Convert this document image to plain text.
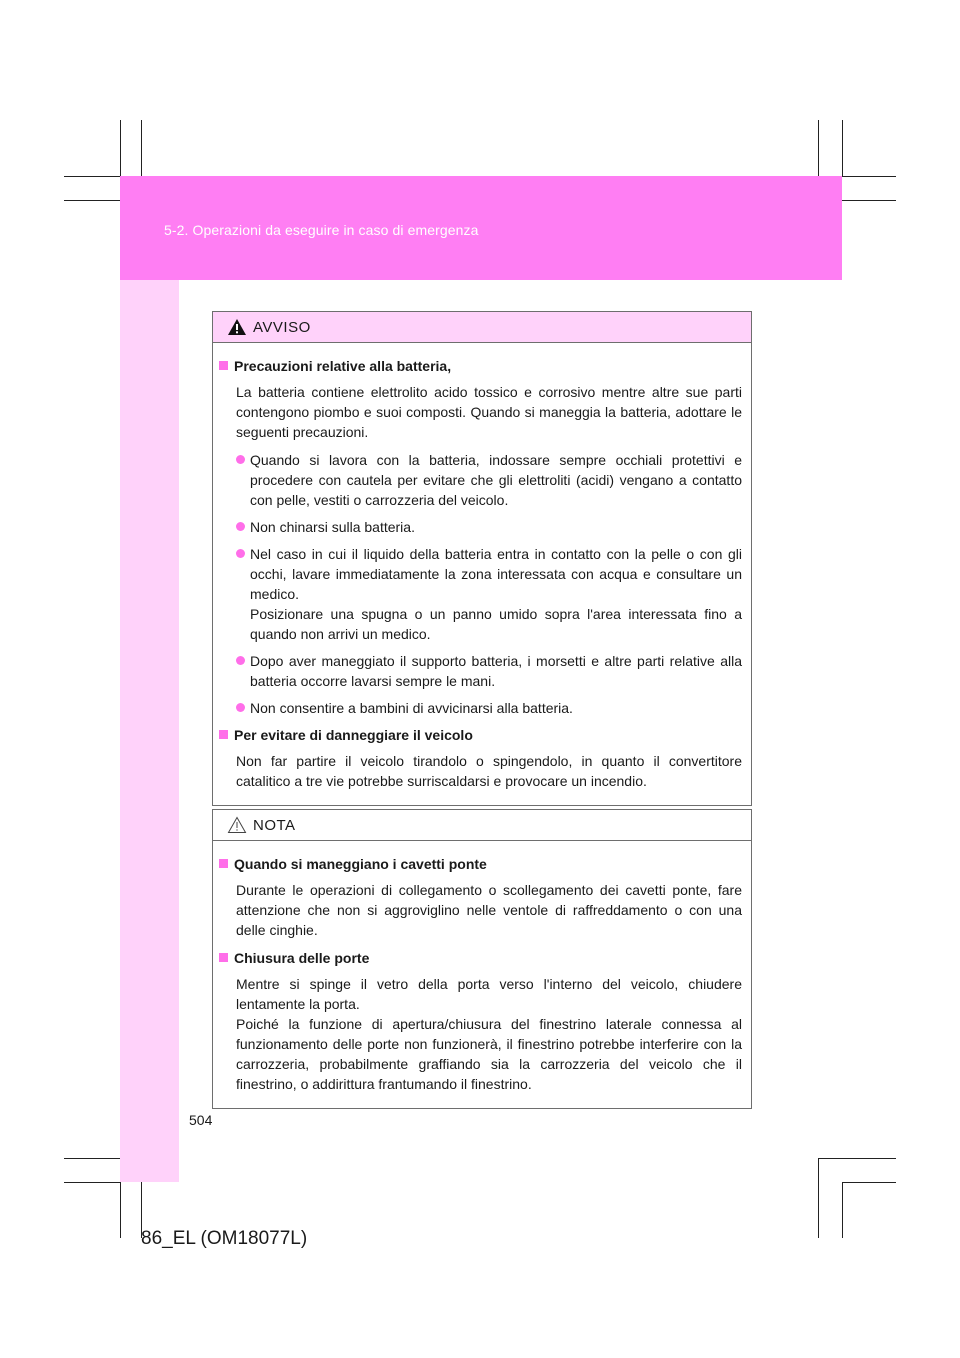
5-2. Operazioni da eseguire in caso di emergenza
AVVISO
Precauzioni relative alla batteria,
La batteria contiene elettrolito acido tossico e corrosivo mentre altre sue parti contengono piombo e suoi composti. Quando si maneggia la batteria, adottare le seguenti precauzioni.
Quando si lavora con la batteria, indossare sempre occhiali protettivi e procedere con cautela per evitare che gli elettroliti (acidi) vengano a contatto con pelle, vestiti o carrozzeria del veicolo.
Non chinarsi sulla batteria.
Nel caso in cui il liquido della batteria entra in contatto con la pelle o con gli occhi, lavare immediatamente la zona interessata con acqua e consultare un medico.
Posizionare una spugna o un panno umido sopra l'area interessata fino a quando non arrivi un medico.
Dopo aver maneggiato il supporto batteria, i morsetti e altre parti relative alla batteria occorre lavarsi sempre le mani.
Non consentire a bambini di avvicinarsi alla batteria.
Per evitare di danneggiare il veicolo
Non far partire il veicolo tirandolo o spingendolo, in quanto il convertitore catalitico a tre vie potrebbe surriscaldarsi e provocare un incendio.
NOTA
Quando si maneggiano i cavetti ponte
Durante le operazioni di collegamento o scollegamento dei cavetti ponte, fare attenzione che non si aggroviglino nelle ventole di raffreddamento o con una delle cinghie.
Chiusura delle porte
Mentre si spinge il vetro della porta verso l'interno del veicolo, chiudere lentamente la porta.
Poiché la funzione di apertura/chiusura del finestrino laterale connessa al funzionamento delle porte non funzionerà, il finestrino potrebbe interferire con la carrozzeria, probabilmente graffiando sia la carrozzeria del veicolo che il finestrino, o addirittura frantumando il finestrino.
504
86_EL (OM18077L)
